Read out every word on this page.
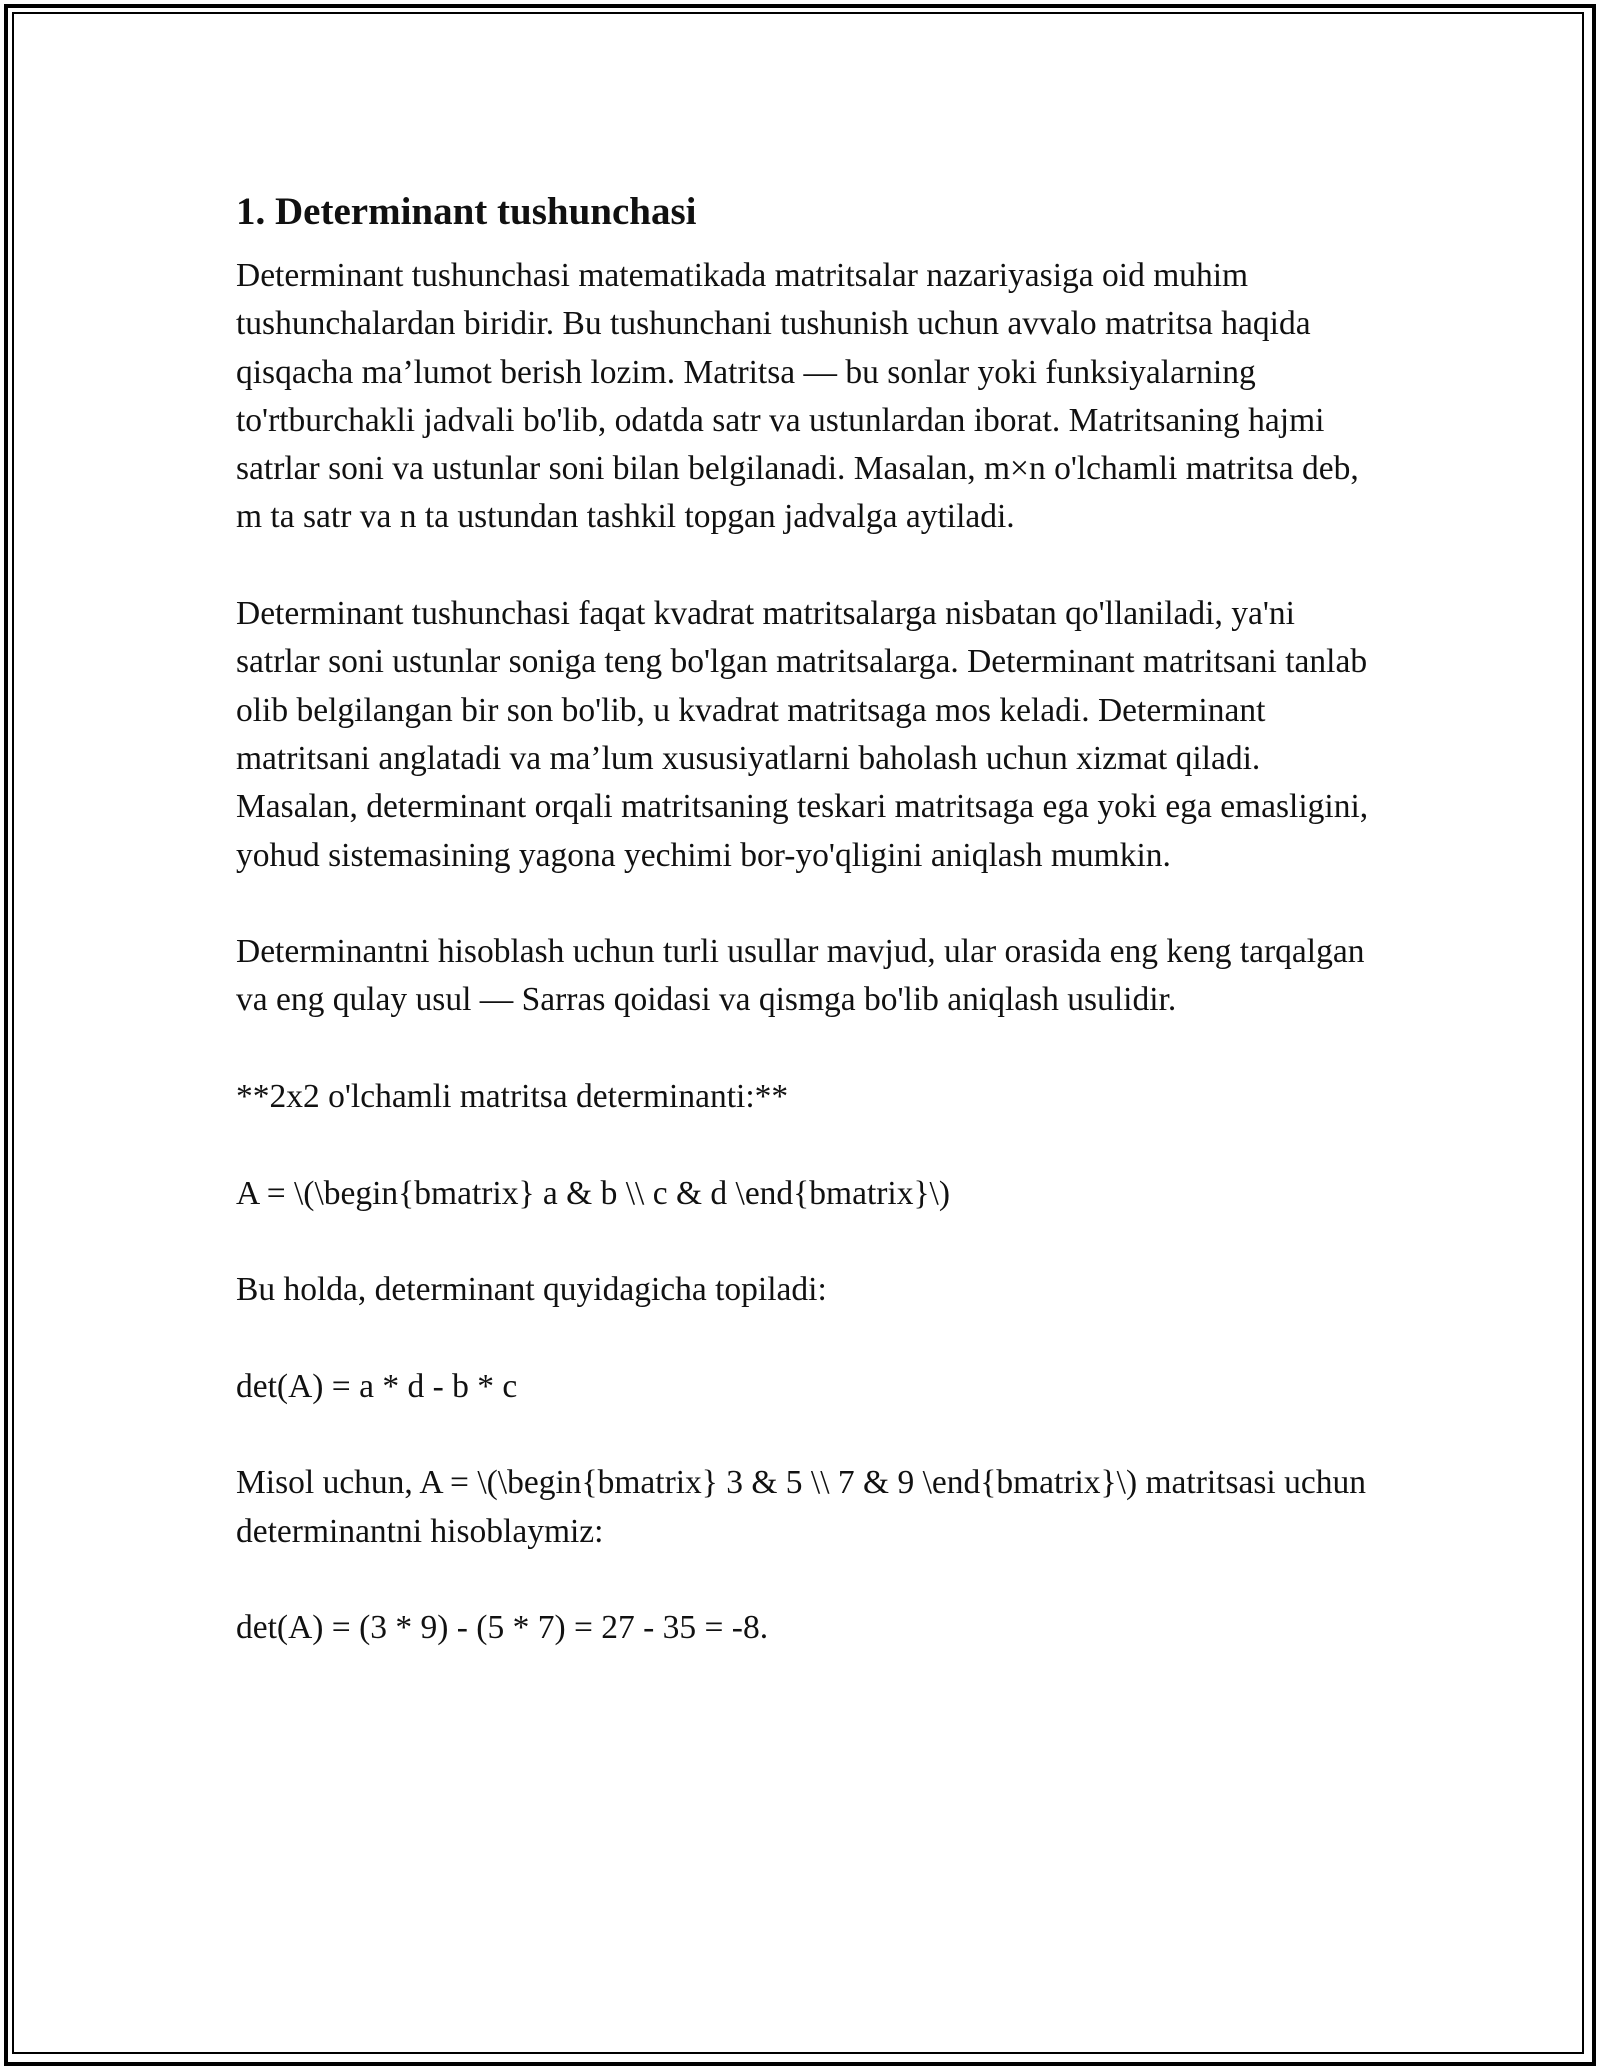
1. Determinant tushunchasi

Determinant tushunchasi matematikada matritsalar nazariyasiga oid muhim tushunchalardan biridir. Bu tushunchani tushunish uchun avvalo matritsa haqida qisqacha ma’lumot berish lozim. Matritsa — bu sonlar yoki funksiyalarning to'rtburchakli jadvali bo'lib, odatda satr va ustunlardan iborat. Matritsaning hajmi satrlar soni va ustunlar soni bilan belgilanadi. Masalan, m×n o'lchamli matritsa deb, m ta satr va n ta ustundan tashkil topgan jadvalga aytiladi.

Determinant tushunchasi faqat kvadrat matritsalarga nisbatan qo'llaniladi, ya'ni satrlar soni ustunlar soniga teng bo'lgan matritsalarga. Determinant matritsani tanlab olib belgilangan bir son bo'lib, u kvadrat matritsaga mos keladi. Determinant matritsani anglatadi va ma’lum xususiyatlarni baholash uchun xizmat qiladi. Masalan, determinant orqali matritsaning teskari matritsaga ega yoki ega emasligini, yohud sistemasining yagona yechimi bor-yo'qligini aniqlash mumkin.

Determinantni hisoblash uchun turli usullar mavjud, ular orasida eng keng tarqalgan va eng qulay usul — Sarras qoidasi va qismga bo'lib aniqlash usulidir.

**2x2 o'lchamli matritsa determinanti:**

A = \(\begin{bmatrix} a & b \\ c & d \end{bmatrix}\)

Bu holda, determinant quyidagicha topiladi:

det(A) = a * d - b * c

Misol uchun, A = \(\begin{bmatrix} 3 & 5 \\ 7 & 9 \end{bmatrix}\) matritsasi uchun determinantni hisoblaymiz:

det(A) = (3 * 9) - (5 * 7) = 27 - 35 = -8.
